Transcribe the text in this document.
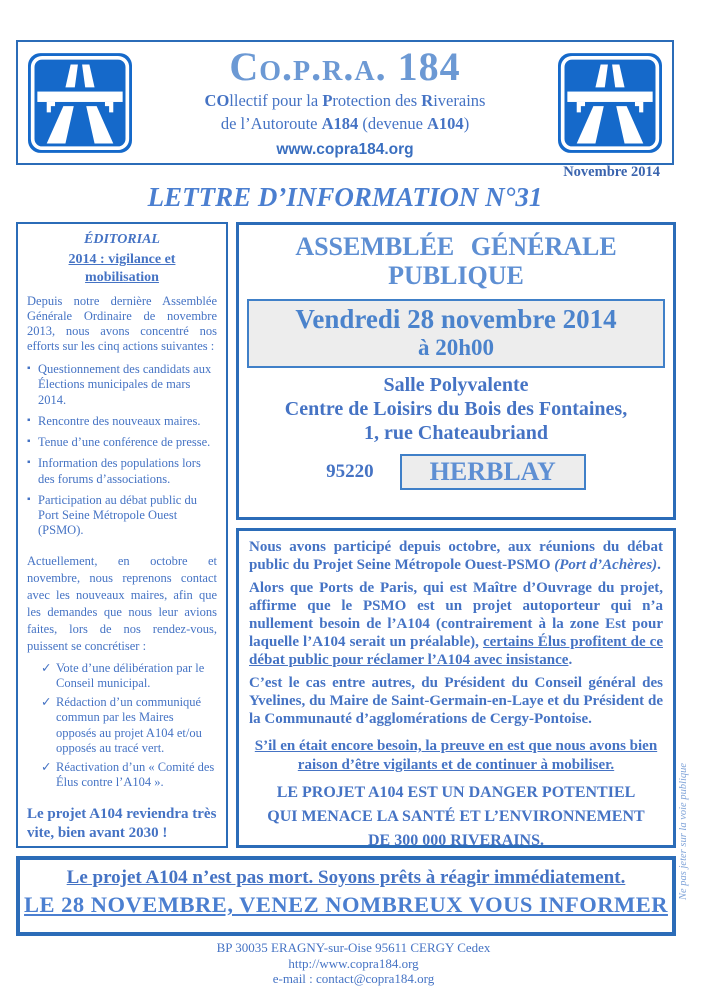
Co.p.r.a. 184
COllectif pour la Protection des Riverains
de l’Autoroute A184 (devenue A104)
www.copra184.org
Novembre 2014
LETTRE D’INFORMATION N°31
ÉDITORIAL
2014 : vigilance et mobilisation

Depuis notre dernière Assemblée Générale Ordinaire de novembre 2013, nous avons concentré nos efforts sur les cinq actions suivantes :

▪ Questionnement des candidats aux Élections municipales de mars 2014.
▪ Rencontre des nouveaux maires.
▪ Tenue d’une conférence de presse.
▪ Information des populations lors des forums d’associations.
▪ Participation au débat public du Port Seine Métropole Ouest (PSMO).

Actuellement, en octobre et novembre, nous reprenons contact avec les nouveaux maires, afin que les demandes que nous leur avions faites, lors de nos rendez-vous, puissent se concrétiser :

✓ Vote d’une délibération par le Conseil municipal.
✓ Rédaction d’un communiqué commun par les Maires opposés au projet A104 et/ou opposés au tracé vert.
✓ Réactivation d’un « Comité des Élus contre l’A104 ».
Le projet A104 reviendra très vite, bien avant 2030 !
ASSEMBLÉE GÉNÉRALE
PUBLIQUE
Vendredi 28 novembre 2014
à 20h00
Salle Polyvalente
Centre de Loisirs du Bois des Fontaines,
1, rue Chateaubriand
95220	HERBLAY

Nous avons participé depuis octobre, aux réunions du débat public du Projet Seine Métropole Ouest-PSMO (Port d’Achères).

Alors que Ports de Paris, qui est Maître d’Ouvrage du projet, affirme que le PSMO est un projet autoporteur qui n’a nullement besoin de l’A104 (contrairement à la zone Est pour laquelle l’A104 serait un préalable), certains Élus profitent de ce débat public pour réclamer l’A104 avec insistance.

C’est le cas entre autres, du Président du Conseil général des Yvelines, du Maire de Saint-Germain-en-Laye et du Président de la Communauté d’agglomérations de Cergy-Pontoise.

S’il en était encore besoin, la preuve en est que nous avons bien raison d’être vigilants et de continuer à mobiliser.

LE PROJET A104 EST UN DANGER POTENTIEL
QUI MENACE LA SANTÉ ET L’ENVIRONNEMENT
DE 300 000 RIVERAINS.
Le projet A104 n’est pas mort. Soyons prêts à réagir immédiatement.
LE 28 NOVEMBRE, VENEZ NOMBREUX VOUS INFORMER
BP 30035 ERAGNY-sur-Oise 95611 CERGY Cedex
http://www.copra184.org
e-mail : contact@copra184.org
Ne pas jeter sur la voie publique
